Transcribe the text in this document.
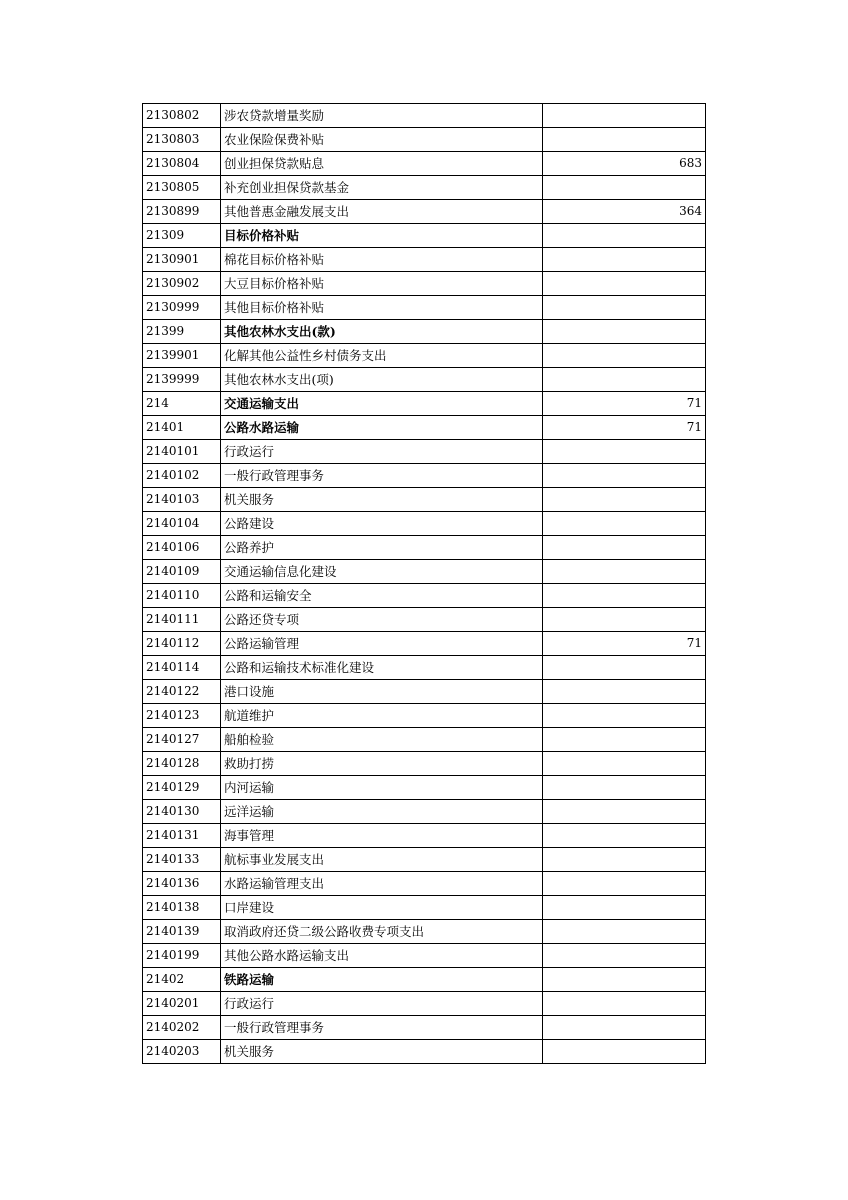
2130802	涉农贷款增量奖励	
2130803	农业保险保费补贴	
2130804	创业担保贷款贴息	683
2130805	补充创业担保贷款基金	
2130899	其他普惠金融发展支出	364
21309	目标价格补贴	
2130901	棉花目标价格补贴	
2130902	大豆目标价格补贴	
2130999	其他目标价格补贴	
21399	其他农林水支出(款)	
2139901	化解其他公益性乡村债务支出	
2139999	其他农林水支出(项)	
214	交通运输支出	71
21401	公路水路运输	71
2140101	行政运行	
2140102	一般行政管理事务	
2140103	机关服务	
2140104	公路建设	
2140106	公路养护	
2140109	交通运输信息化建设	
2140110	公路和运输安全	
2140111	公路还贷专项	
2140112	公路运输管理	71
2140114	公路和运输技术标准化建设	
2140122	港口设施	
2140123	航道维护	
2140127	船舶检验	
2140128	救助打捞	
2140129	内河运输	
2140130	远洋运输	
2140131	海事管理	
2140133	航标事业发展支出	
2140136	水路运输管理支出	
2140138	口岸建设	
2140139	取消政府还贷二级公路收费专项支出	
2140199	其他公路水路运输支出	
21402	铁路运输	
2140201	行政运行	
2140202	一般行政管理事务	
2140203	机关服务	
